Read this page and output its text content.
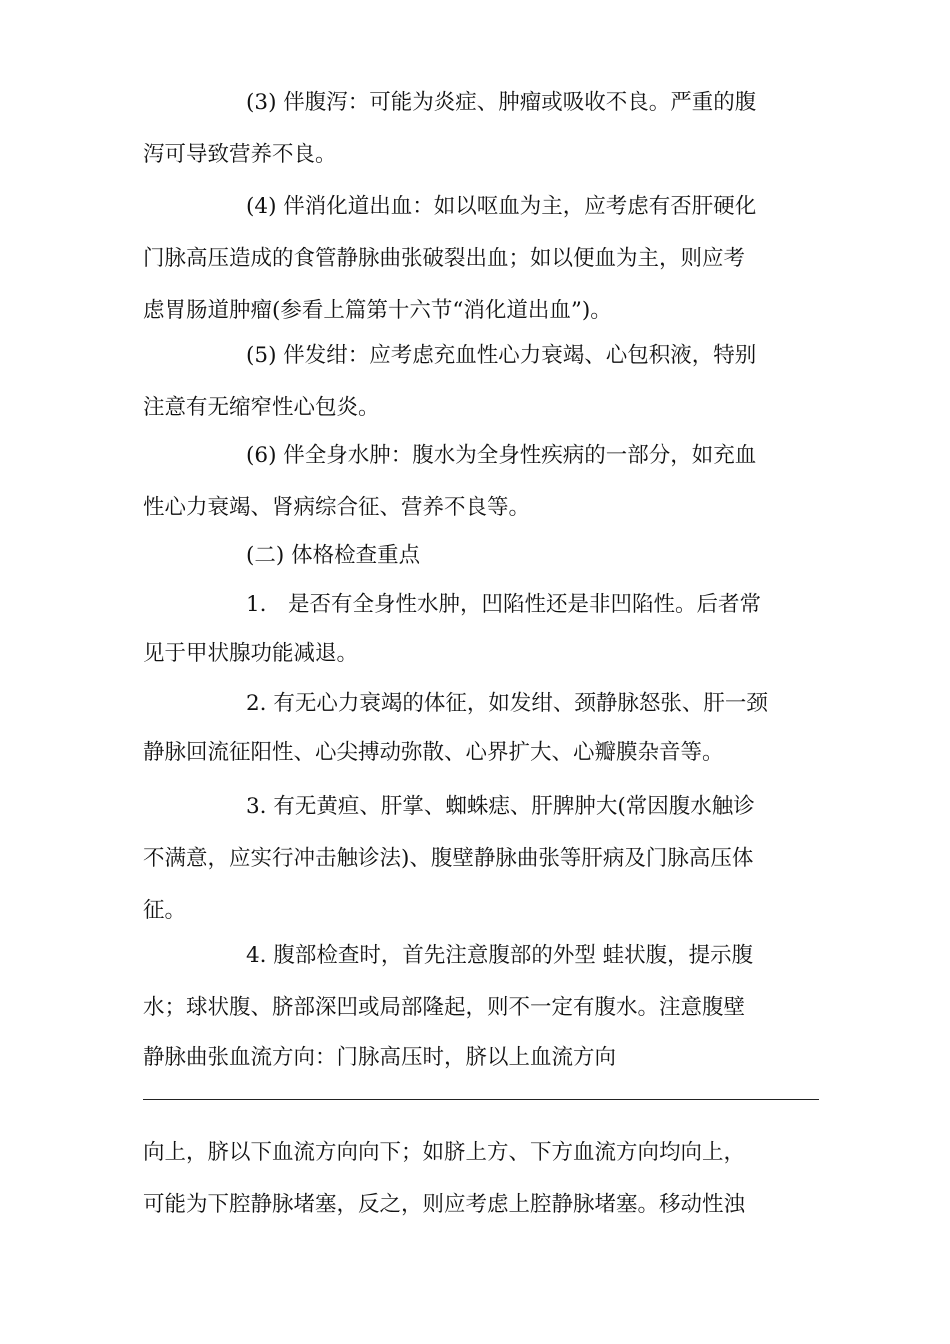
(3) 伴腹泻：可能为炎症、肿瘤或吸收不良。严重的腹
泻可导致营养不良。
(4) 伴消化道出血：如以呕血为主，应考虑有否肝硬化
门脉高压造成的食管静脉曲张破裂出血；如以便血为主，则应考
虑胃肠道肿瘤(参看上篇第十六节“消化道出血”)。
(5) 伴发绀：应考虑充血性心力衰竭、心包积液，特别
注意有无缩窄性心包炎。
(6) 伴全身水肿：腹水为全身性疾病的一部分，如充血
性心力衰竭、肾病综合征、营养不良等。
(二) 体格检查重点
1.　是否有全身性水肿，凹陷性还是非凹陷性。后者常
见于甲状腺功能减退。
2. 有无心力衰竭的体征，如发绀、颈静脉怒张、肝一颈
静脉回流征阳性、心尖搏动弥散、心界扩大、心瓣膜杂音等。
3. 有无黄疸、肝掌、蜘蛛痣、肝脾肿大(常因腹水触诊
不满意，应实行冲击触诊法)、腹壁静脉曲张等肝病及门脉高压体
征。
4. 腹部检查时，首先注意腹部的外型 蛙状腹，提示腹
水；球状腹、脐部深凹或局部隆起，则不一定有腹水。注意腹壁
静脉曲张血流方向：门脉高压时，脐以上血流方向
向上，脐以下血流方向向下；如脐上方、下方血流方向均向上，
可能为下腔静脉堵塞，反之，则应考虑上腔静脉堵塞。移动性浊
